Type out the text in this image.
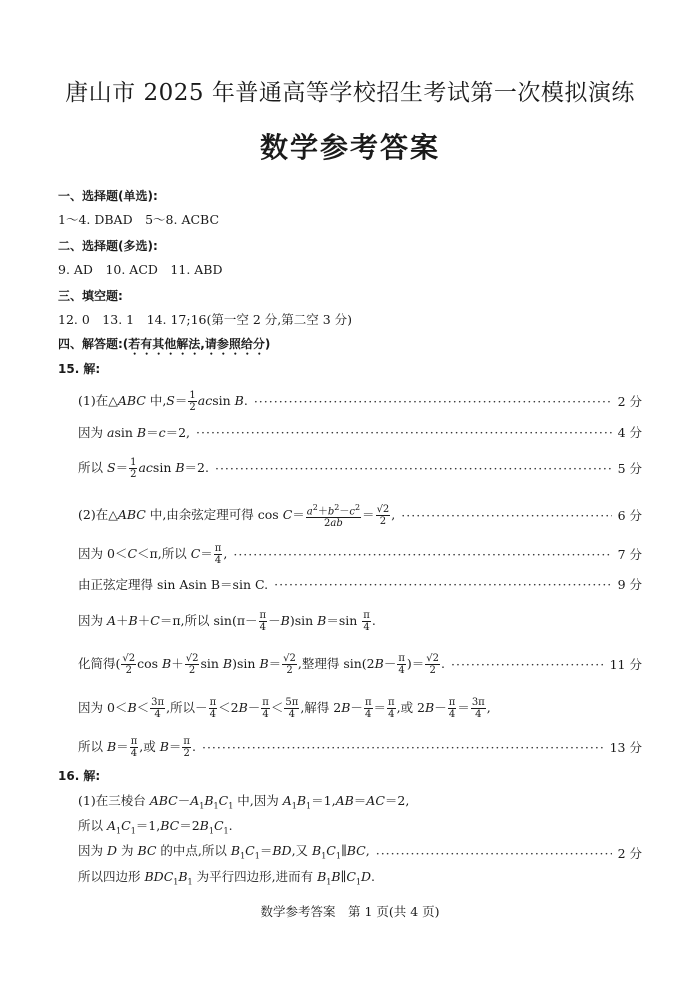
唐山市 2025 年普通高等学校招生考试第一次模拟演练
数学参考答案
一、选择题(单选):
1～4. DBAD　5～8. ACBC
二、选择题(多选):
9. AD　10. ACD　11. ABD
三、填空题:
12. 0　13. 1　14. 17;16(第一空 2 分,第二空 3 分)
四、解答题:(若有其他解法,请参照给分)
15. 解:
(1)在△ABC 中$,S= \frac{1}{2}$ acsin B. ·····	2 分
因为 asin B＝c＝2, ·····	4 分
所以 $S= \frac{1}{2}$ acsin B＝2. ·····	5 分
(2)在△ABC 中,由余弦定理可得 $\cos C= \frac{a^2+b^2-c^2}{2ab} = \frac{√2}{2}$ , ·····	6 分
因为 0＜C＜π,所以 $C= \frac{\pi}{4}$ , ·····	7 分
由正弦定理得 sin Asin B＝sin C. ·····	9 分
因为 A＋B＋C＝π,所以 $\sin(\pi- \frac{\pi}{4} -B)\sin$ $B=\sin \frac{\pi}{4}$ .
化简得( $\frac{√2}{2}$ $\cos B+ \frac{√2}{2}$ sin B)sin $B= \frac{√2}{2}$ ,整理得 $\sin(2B- \frac{\pi}{4}$ )＝ $\frac{√2}{2}$ . ·····	11 分
因为 $0<B< \frac{3\pi}{4}$ ,所以－ $\frac{\pi}{4} <2B- \frac{\pi}{4} < \frac{5\pi}{4}$ ,解得 $2B- \frac{\pi}{4} = \frac{\pi}{4}$ ,或 $2B- \frac{\pi}{4} = \frac{3\pi}{4}$ ,
所以 $B= \frac{\pi}{4}$ ,或 $B= \frac{\pi}{2}$ . ·····	13 分
16. 解:
(1)在三棱台 $ABC-A_1B_1C_1$ 中,因为 $A_1B_1=1,AB=AC=2$,
所以 $A_1C_1=1,BC=2B_1C_1$.
因为 D 为 BC 的中点,所以 $B_1C_1=BD$,又 $B_1C_1\parallel BC$, ·····	2 分
所以四边形 $BDC_1B_1$ 为平行四边形,进而有 $B_1B\parallel C_1D$.
数学参考答案　第 1 页(共 4 页)
